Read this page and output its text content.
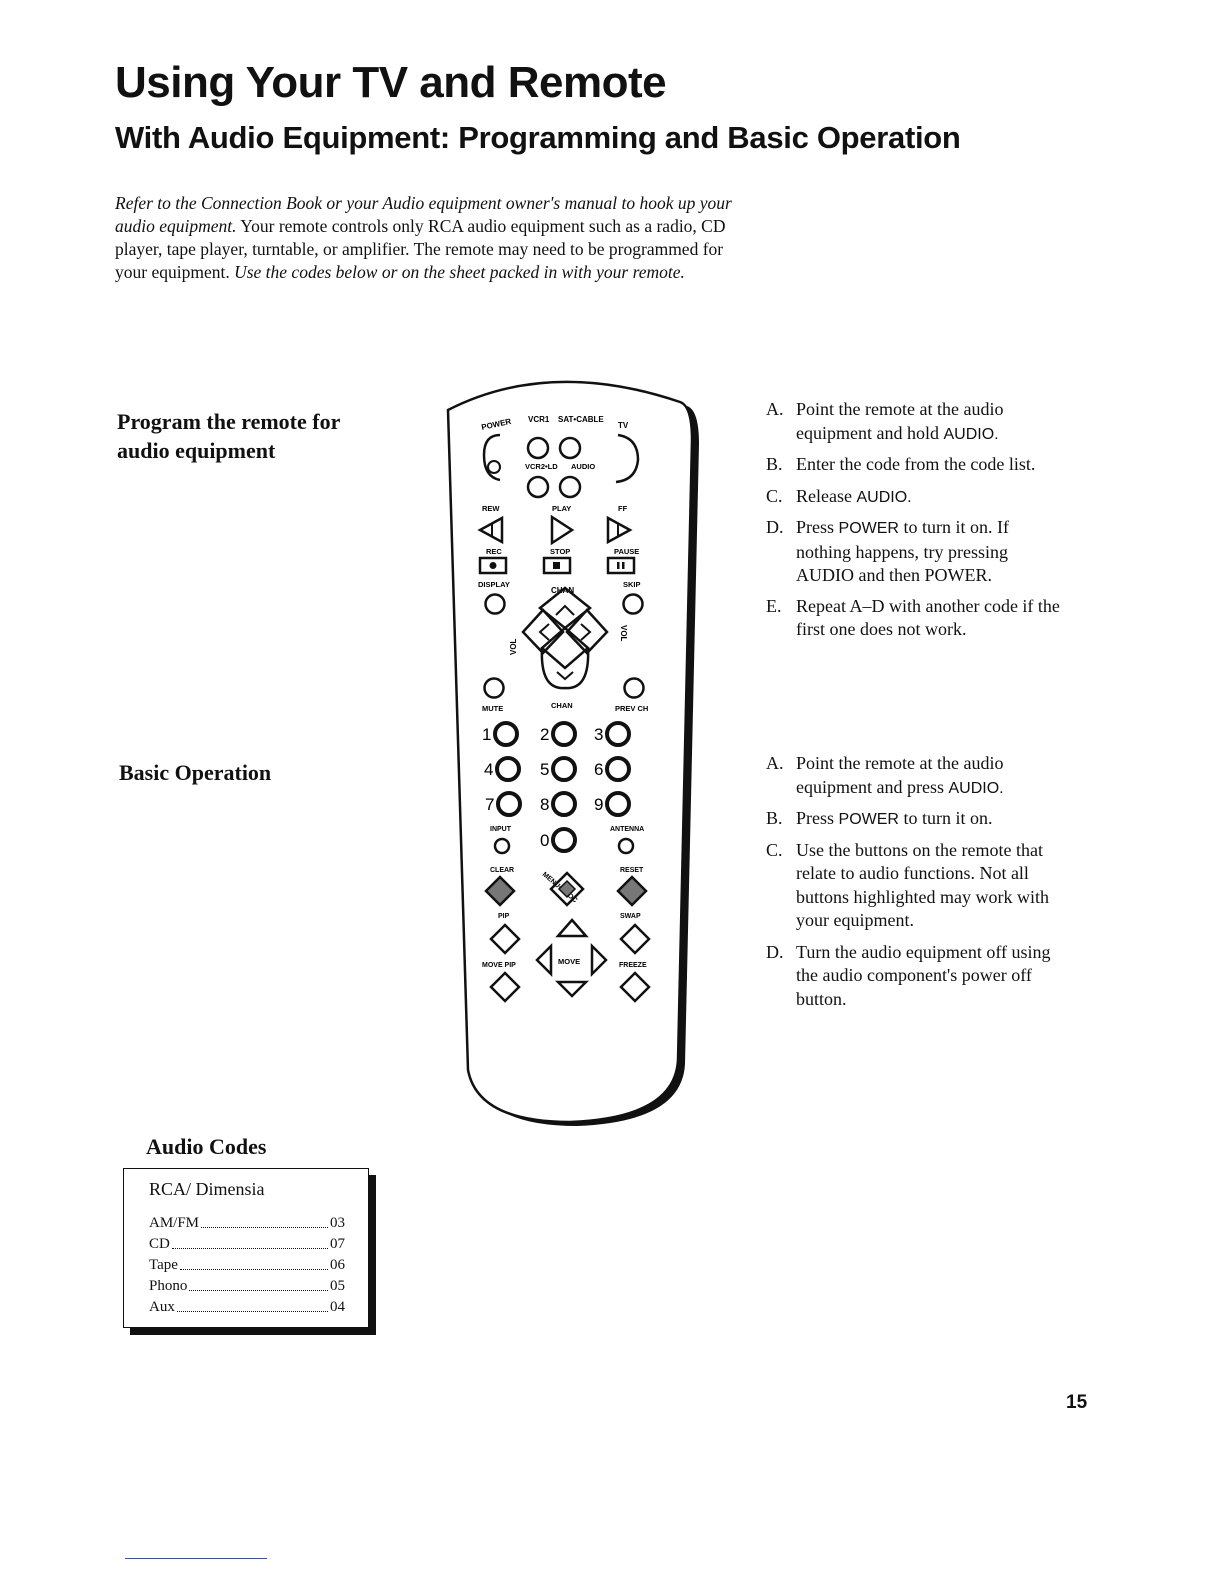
Using Your TV and Remote
With Audio Equipment: Programming and Basic Operation
Refer to the Connection Book or your Audio equipment owner's manual to hook up your audio equipment. Your remote controls only RCA audio equipment such as a radio, CD player, tape player, turntable, or amplifier. The remote may need to be programmed for your equipment. Use the codes below or on the sheet packed in with your remote.
Program the remote for audio equipment
Basic Operation
A. Point the remote at the audio equipment and hold AUDIO.
B. Enter the code from the code list.
C. Release AUDIO.
D. Press POWER to turn it on. If nothing happens, try pressing AUDIO and then POWER.
E. Repeat A–D with another code if the first one does not work.
A. Point the remote at the audio equipment and press AUDIO.
B. Press POWER to turn it on.
C. Use the buttons on the remote that relate to audio functions. Not all buttons highlighted may work with your equipment.
D. Turn the audio equipment off using the audio component's power off button.
POWER VCR1 SAT•CABLE
TV
VCR2•LD AUDIO
REW	PLAY	FF
REC	STOP	PAUSE
DISPLAY	SKIP
CHAN
VOL
VOL
MUTE	CHAN	PREV CH
1	2	3
4	5	6
7	8	9
0
INPUT	ANTENNA
CLEAR	RESET
PIP	SWAP
MOVE PIP	MOVE	FREEZE
Audio Codes
RCA/ Dimensia
AM/FM	03
CD	07
Tape	06
Phono	05
Aux	04
15
